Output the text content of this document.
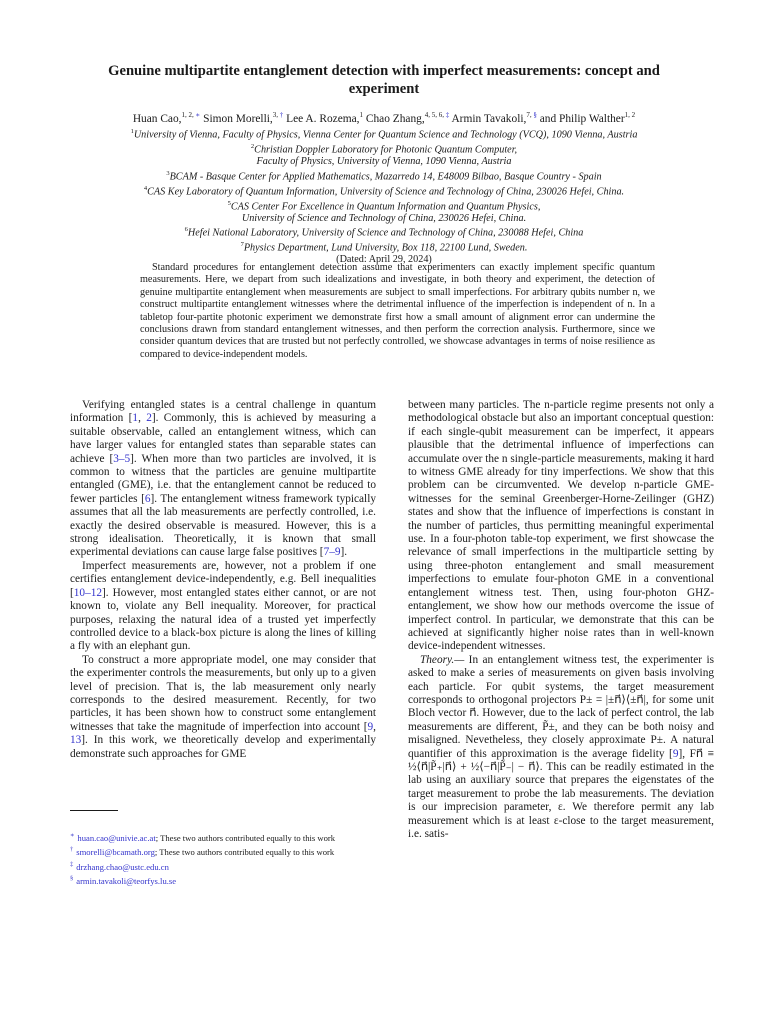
Genuine multipartite entanglement detection with imperfect measurements: concept and experiment
Huan Cao,$^{1, 2,}$ ∗ Simon Morelli,$^{3,}$ † Lee A. Rozema,$^1$ Chao Zhang,$^{4, 5, 6,}$ ‡ Armin Tavakoli,$^{7,}$ § and Philip Walther$^{1, 2}$
$^1$University of Vienna, Faculty of Physics, Vienna Center for Quantum Science and Technology (VCQ), 1090 Vienna, Austria
$^2$Christian Doppler Laboratory for Photonic Quantum Computer,
Faculty of Physics, University of Vienna, 1090 Vienna, Austria
$^3$BCAM - Basque Center for Applied Mathematics, Mazarredo 14, E48009 Bilbao, Basque Country - Spain
$^4$CAS Key Laboratory of Quantum Information, University of Science and Technology of China, 230026 Hefei, China.
$^5$CAS Center For Excellence in Quantum Information and Quantum Physics,
University of Science and Technology of China, 230026 Hefei, China.
$^6$Hefei National Laboratory, University of Science and Technology of China, 230088 Hefei, China
$^7$Physics Department, Lund University, Box 118, 22100 Lund, Sweden.
(Dated: April 29, 2024)

Standard procedures for entanglement detection assume that experimenters can exactly implement specific quantum measurements. Here, we depart from such idealizations and investigate, in both theory and experiment, the detection of genuine multipartite entanglement when measurements are subject to small imperfections. For arbitrary qubits number n, we construct multipartite entanglement witnesses where the detrimental influence of the imperfection is independent of n. In a tabletop four-partite photonic experiment we demonstrate first how a small amount of alignment error can undermine the conclusions drawn from standard entanglement witnesses, and then perform the correction analysis. Furthermore, since we consider quantum devices that are trusted but not perfectly controlled, we showcase advantages in terms of noise resilience as compared to device-independent models.

Verifying entangled states is a central challenge in quantum information [1, 2]. Commonly, this is achieved by measuring a suitable observable, called an entanglement witness, which can have larger values for entangled states than separable states can achieve [3–5]. When more than two particles are involved, it is common to witness that the particles are genuine multipartite entangled (GME), i.e. that the entanglement cannot be reduced to fewer particles [6]. The entanglement witness framework typically assumes that all the lab measurements are perfectly controlled, i.e. exactly the desired observable is measured. However, this is a strong idealisation. Theoretically, it is known that small experimental deviations can cause large false positives [7–9].

Imperfect measurements are, however, not a problem if one certifies entanglement device-independently, e.g. Bell inequalities [10–12]. However, most entangled states either cannot, or are not known to, violate any Bell inequality. Moreover, for practical purposes, relaxing the natural idea of a trusted yet imperfectly controlled device to a black-box picture is along the lines of killing a fly with an elephant gun.

To construct a more appropriate model, one may consider that the experimenter controls the measurements, but only up to a given level of precision. That is, the lab measurement only nearly corresponds to the desired measurement. Recently, for two particles, it has been shown how to construct some entanglement witnesses that take the magnitude of imperfection into account [9, 13]. In this work, we theoretically develop and experimentally demonstrate such approaches for GME

between many particles. The n-particle regime presents not only a methodological obstacle but also an important conceptual question: if each single-qubit measurement can be imperfect, it appears plausible that the detrimental influence of imperfections can accumulate over the n single-particle measurements, making it hard to witness GME already for tiny imperfections. We show that this problem can be circumvented. We develop n-particle GME-witnesses for the seminal Greenberger-Horne-Zeilinger (GHZ) states and show that the influence of imperfections is constant in the number of particles, thus permitting meaningful experimental use. In a four-photon table-top experiment, we first showcase the relevance of small imperfections in the multiparticle setting by using three-photon entanglement and small measurement imperfections to emulate four-photon GME in a conventional entanglement witness test. Then, using four-photon GHZ-entanglement, we show how our methods overcome the issue of imperfect control. In particular, we demonstrate that this can be achieved at significantly higher noise rates than in well-known device-independent witnesses.

Theory.— In an entanglement witness test, the experimenter is asked to make a series of measurements on given basis involving each particle. For qubit systems, the target measurement corresponds to orthogonal projectors P± = |±n⃗⟩⟨±n⃗|, for some unit Bloch vector n⃗. However, due to the lack of perfect control, the lab measurements are different, P̃±, and they can be both noisy and misaligned. Nevetheless, they closely approximate P±. A natural quantifier of this approximation is the average fidelity [9], Fn⃗ ≡ ½⟨n⃗|P̃₊|n⃗⟩ + ½⟨−n⃗|P̃₋| − n⃗⟩. This can be readily estimated in the lab using an auxiliary source that prepares the eigenstates of the target measurement to probe the lab measurements. The deviation is our imprecision parameter, ε. We therefore permit any lab measurement which is at least ε-close to the target measurement, i.e. satis-

∗ huan.cao@univie.ac.at; These two authors contributed equally to this work
† smorelli@bcamath.org; These two authors contributed equally to this work
‡ drzhang.chao@ustc.edu.cn
§ armin.tavakoli@teorfys.lu.se
